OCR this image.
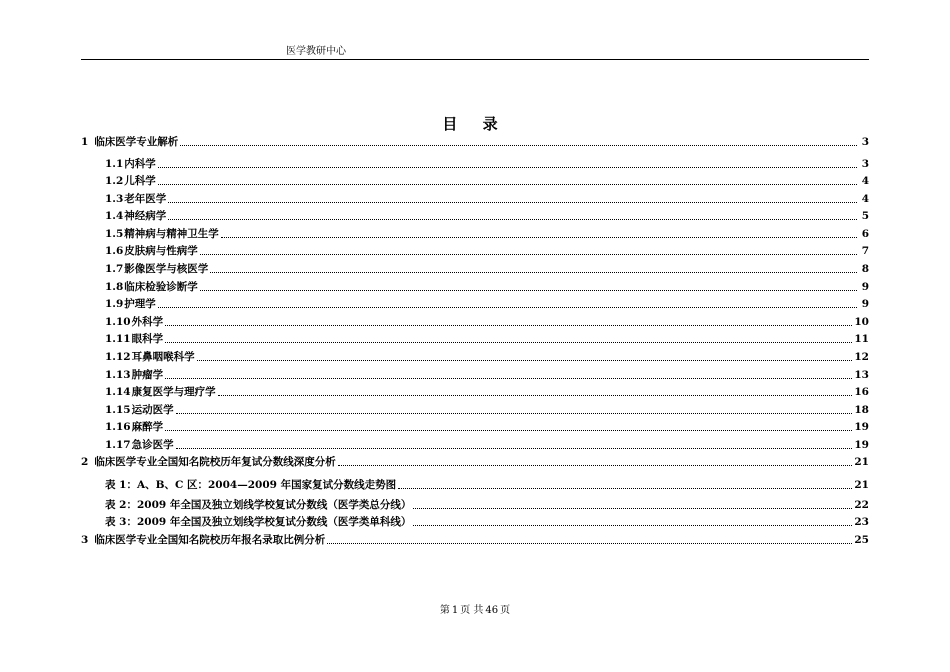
医学教研中心
目 录
1 临床医学专业解析	3
1.1 内科学	3
1.2 儿科学	4
1.3 老年医学	4
1.4 神经病学	5
1.5 精神病与精神卫生学	6
1.6 皮肤病与性病学	7
1.7 影像医学与核医学	8
1.8 临床检验诊断学	9
1.9 护理学	9
1.10 外科学	10
1.11 眼科学	11
1.12 耳鼻咽喉科学	12
1.13 肿瘤学	13
1.14 康复医学与理疗学	16
1.15 运动医学	18
1.16 麻醉学	19
1.17 急诊医学	19
2 临床医学专业全国知名院校历年复试分数线深度分析	21
表 1：A、B、C 区：2004—2009 年国家复试分数线走势图	21
表 2：2009 年全国及独立划线学校复试分数线（医学类总分线）	22
表 3：2009 年全国及独立划线学校复试分数线（医学类单科线）	23
3 临床医学专业全国知名院校历年报名录取比例分析	25
第 1 页 共 46 页
